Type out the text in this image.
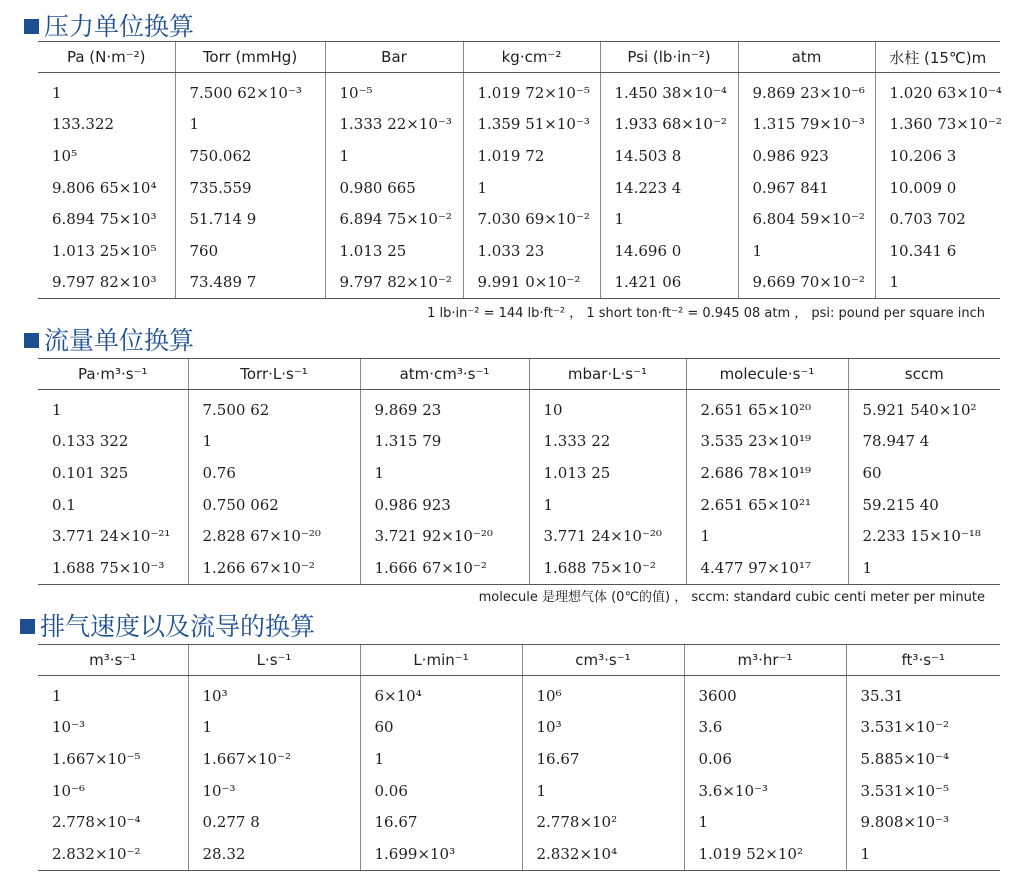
压力单位换算
Pa (N·m⁻²)	Torr (mmHg)	Bar	kg·cm⁻²	Psi (lb·in⁻²)	atm	水柱 (15℃)m
1	7.500 62×10⁻³	10⁻⁵	1.019 72×10⁻⁵	1.450 38×10⁻⁴	9.869 23×10⁻⁶	1.020 63×10⁻⁴
133.322	1	1.333 22×10⁻³	1.359 51×10⁻³	1.933 68×10⁻²	1.315 79×10⁻³	1.360 73×10⁻²
10⁵	750.062	1	1.019 72	14.503 8	0.986 923	10.206 3
9.806 65×10⁴	735.559	0.980 665	1	14.223 4	0.967 841	10.009 0
6.894 75×10³	51.714 9	6.894 75×10⁻²	7.030 69×10⁻²	1	6.804 59×10⁻²	0.703 702
1.013 25×10⁵	760	1.013 25	1.033 23	14.696 0	1	10.341 6
9.797 82×10³	73.489 7	9.797 82×10⁻²	9.991 0×10⁻²	1.421 06	9.669 70×10⁻²	1
1 lb·in⁻² = 144 lb·ft⁻² ， 1 short ton·ft⁻² = 0.945 08 atm ， psi: pound per square inch
流量单位换算
Pa·m³·s⁻¹	Torr·L·s⁻¹	atm·cm³·s⁻¹	mbar·L·s⁻¹	molecule·s⁻¹	sccm
1	7.500 62	9.869 23	10	2.651 65×10²⁰	5.921 540×10²
0.133 322	1	1.315 79	1.333 22	3.535 23×10¹⁹	78.947 4
0.101 325	0.76	1	1.013 25	2.686 78×10¹⁹	60
0.1	0.750 062	0.986 923	1	2.651 65×10²¹	59.215 40
3.771 24×10⁻²¹	2.828 67×10⁻²⁰	3.721 92×10⁻²⁰	3.771 24×10⁻²⁰	1	2.233 15×10⁻¹⁸
1.688 75×10⁻³	1.266 67×10⁻²	1.666 67×10⁻²	1.688 75×10⁻²	4.477 97×10¹⁷	1
molecule 是理想气体 (0℃的值) ， sccm: standard cubic centi meter per minute
排气速度以及流导的换算
m³·s⁻¹	L·s⁻¹	L·min⁻¹	cm³·s⁻¹	m³·hr⁻¹	ft³·s⁻¹
1	10³	6×10⁴	10⁶	3600	35.31
10⁻³	1	60	10³	3.6	3.531×10⁻²
1.667×10⁻⁵	1.667×10⁻²	1	16.67	0.06	5.885×10⁻⁴
10⁻⁶	10⁻³	0.06	1	3.6×10⁻³	3.531×10⁻⁵
2.778×10⁻⁴	0.277 8	16.67	2.778×10²	1	9.808×10⁻³
2.832×10⁻²	28.32	1.699×10³	2.832×10⁴	1.019 52×10²	1
